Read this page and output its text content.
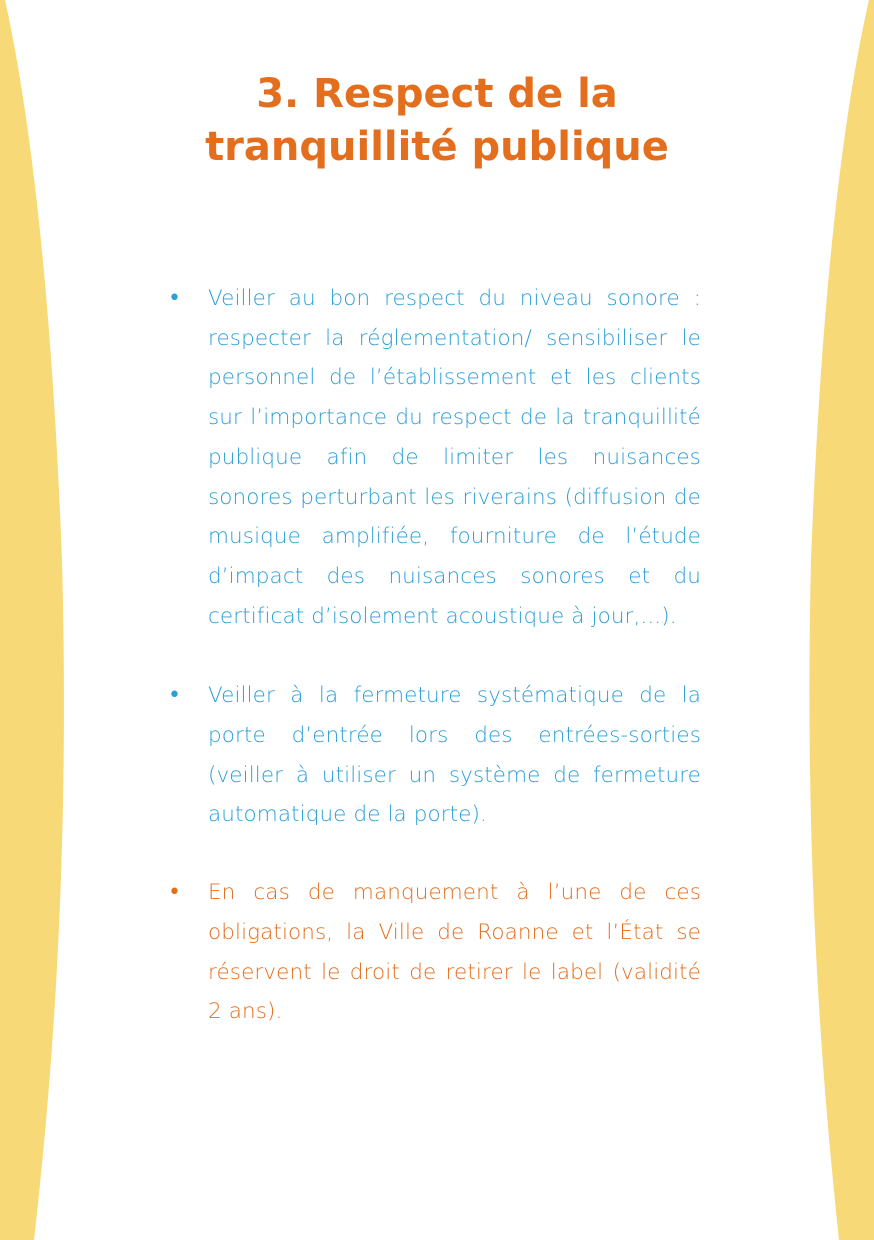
3. Respect de la
tranquillité publique
•	Veiller au bon respect du niveau sonore : respecter la réglementation/ sensibiliser le personnel de l’établissement et les clients sur l’importance du respect de la tranquillité publique afin de limiter les nuisances sonores perturbant les riverains (diffusion de musique amplifiée, fourniture de l’étude d’impact des nuisances sonores et du certificat d’isolement acoustique à jour,...).
•	Veiller à la fermeture systématique de la porte d’entrée lors des entrées-sorties (veiller à utiliser un système de fermeture automatique de la porte).
•	En cas de manquement à l’une de ces obligations, la Ville de Roanne et l’État se réservent le droit de retirer le label (validité 2 ans).
